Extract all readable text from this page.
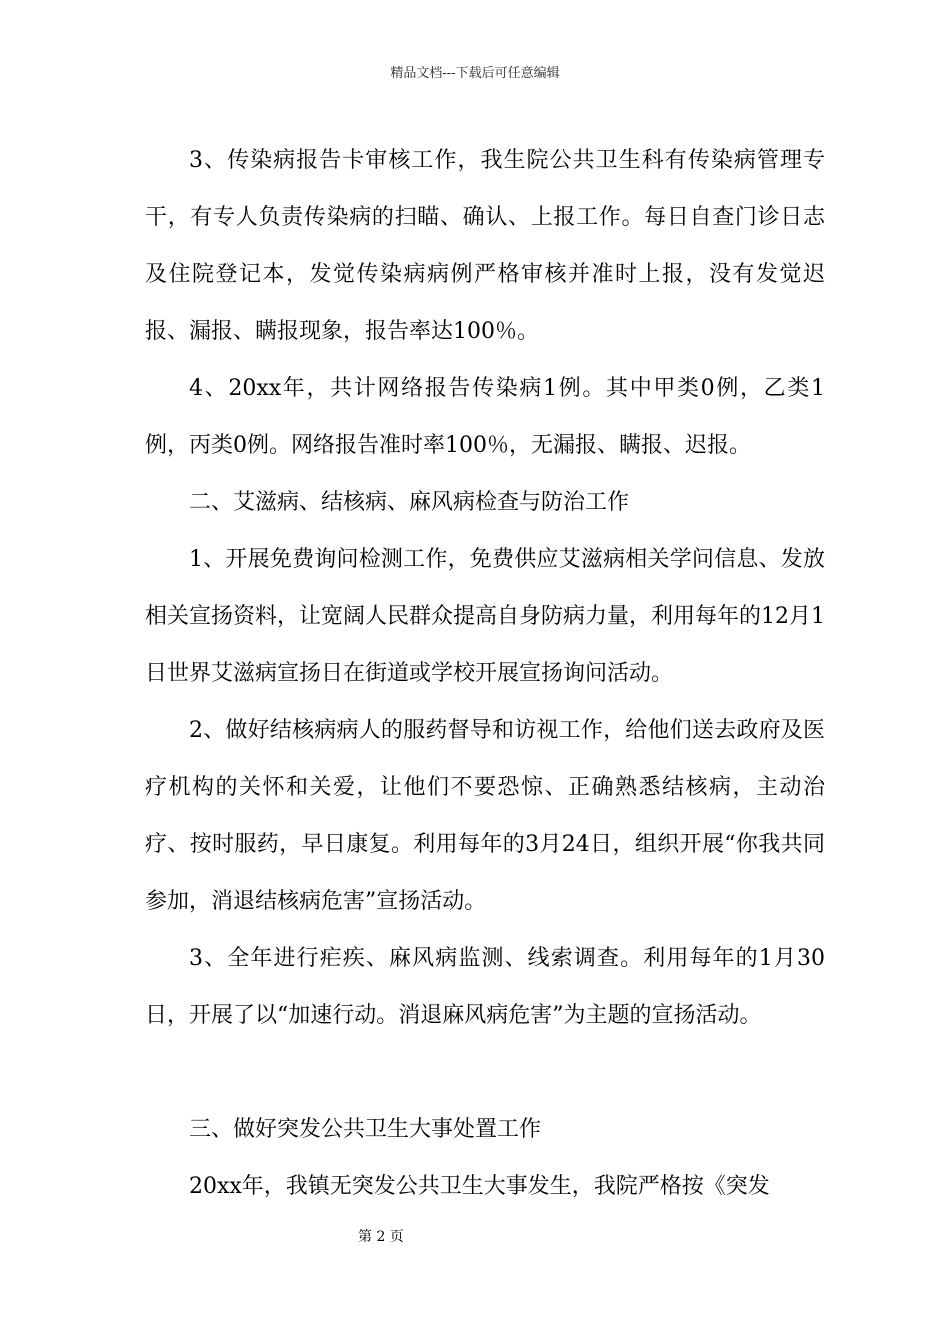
精品文档---下载后可任意编辑

3、传染病报告卡审核工作，我生院公共卫生科有传染病管理专干，有专人负责传染病的扫瞄、确认、上报工作。每日自查门诊日志及住院登记本，发觉传染病病例严格审核并准时上报，没有发觉迟报、漏报、瞒报现象，报告率达100％。

4、20xx年，共计网络报告传染病1例。其中甲类0例，乙类1例，丙类0例。网络报告准时率100％，无漏报、瞒报、迟报。

二、艾滋病、结核病、麻风病检查与防治工作

1、开展免费询问检测工作，免费供应艾滋病相关学问信息、发放相关宣扬资料，让宽阔人民群众提高自身防病力量，利用每年的12月1日世界艾滋病宣扬日在街道或学校开展宣扬询问活动。

2、做好结核病病人的服药督导和访视工作，给他们送去政府及医疗机构的关怀和关爱，让他们不要恐惊、正确熟悉结核病，主动治疗、按时服药，早日康复。利用每年的3月24日，组织开展“你我共同参加，消退结核病危害”宣扬活动。

3、全年进行疟疾、麻风病监测、线索调查。利用每年的1月30日，开展了以“加速行动。消退麻风病危害”为主题的宣扬活动。

三、做好突发公共卫生大事处置工作

20xx年，我镇无突发公共卫生大事发生，我院严格按《突发

第 2 页
